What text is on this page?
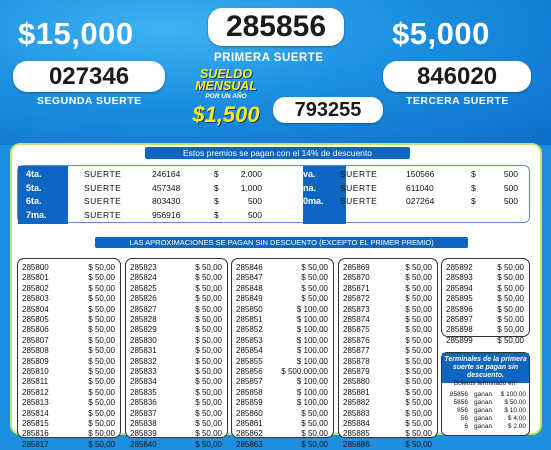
$15,000	$5,000
285856
PRIMERA SUERTE
027346
SEGUNDA SUERTE
846020
TERCERA SUERTE
SUELDO
MENSUAL
POR UN AÑO
$1,500	793255
Estos premios se pagan con el 14% de descuento
4ta.	SUERTE	246164	$	2,000
5ta.	SUERTE	457348	$	1,000
6ta.	SUERTE	803430	$	500
7ma.	SUERTE	956916	$	500
8va.	SUERTE	150566	$	500
9na.	SUERTE	611040	$	500
10ma. SUERTE	027264	$	500
LAS APROXIMACIONES SE PAGAN SIN DESCUENTO (EXCEPTO EL PRIMER PREMIO)
285800	$ 50,00
285801	$ 50,00
285802	$ 50,00
285803	$ 50,00
285804	$ 50,00
285805	$ 50,00
285806	$ 50,00
285807	$ 50,00
285808	$ 50,00
285809	$ 50,00
285810	$ 50,00
285811	$ 50,00
285812	$ 50,00
285813	$ 50,00
285814	$ 50,00
285815	$ 50,00
285816	$ 50,00
285817	$ 50,00
285823	$ 50,00
285824	$ 50,00
285825	$ 50,00
285826	$ 50,00
285827	$ 50,00
285828	$ 50,00
285829	$ 50,00
285830	$ 50,00
285831	$ 50,00
285832	$ 50,00
285833	$ 50,00
285834	$ 50,00
285835	$ 50,00
285836	$ 50,00
285837	$ 50,00
285838	$ 50,00
285839	$ 50,00
285840	$ 50,00
285846	$ 50,00
285847	$ 50,00
285848	$ 50,00
285849	$ 50,00
285850	$ 100,00
285851	$ 100,00
285852	$ 100,00
285853	$ 100,00
285854	$ 100,00
285855	$ 100,00
285856 $ 500.000,00
285857	$ 100,00
285858	$ 100,00
285859	$ 100,00
285860	$ 50,00
285861	$ 50,00
285862	$ 50,00
285863	$ 50,00
285869	$ 50,00
285870	$ 50,00
285871	$ 50,00
285872	$ 50,00
285873	$ 50,00
285874	$ 50,00
285875	$ 50,00
285876	$ 50,00
285877	$ 50,00
285878	$ 50,00
285879	$ 50,00
285880	$ 50,00
285881	$ 50,00
285882	$ 50,00
285883	$ 50,00
285884	$ 50,00
285885	$ 50,00
285886	$ 50,00
285892	$ 50,00
285893	$ 50,00
285894	$ 50,00
285895	$ 50,00
285896	$ 50,00
285897	$ 50,00
285898	$ 50,00
285899	$ 50,00
Terminales de la primera suerte se pagan sin descuento.
Boletos terminado en:
85856 ganan $ 100.00
5856 ganan $ 50.00
856 ganan $ 10.00
56 ganan $ 4.00
6 ganan $ 2.00
